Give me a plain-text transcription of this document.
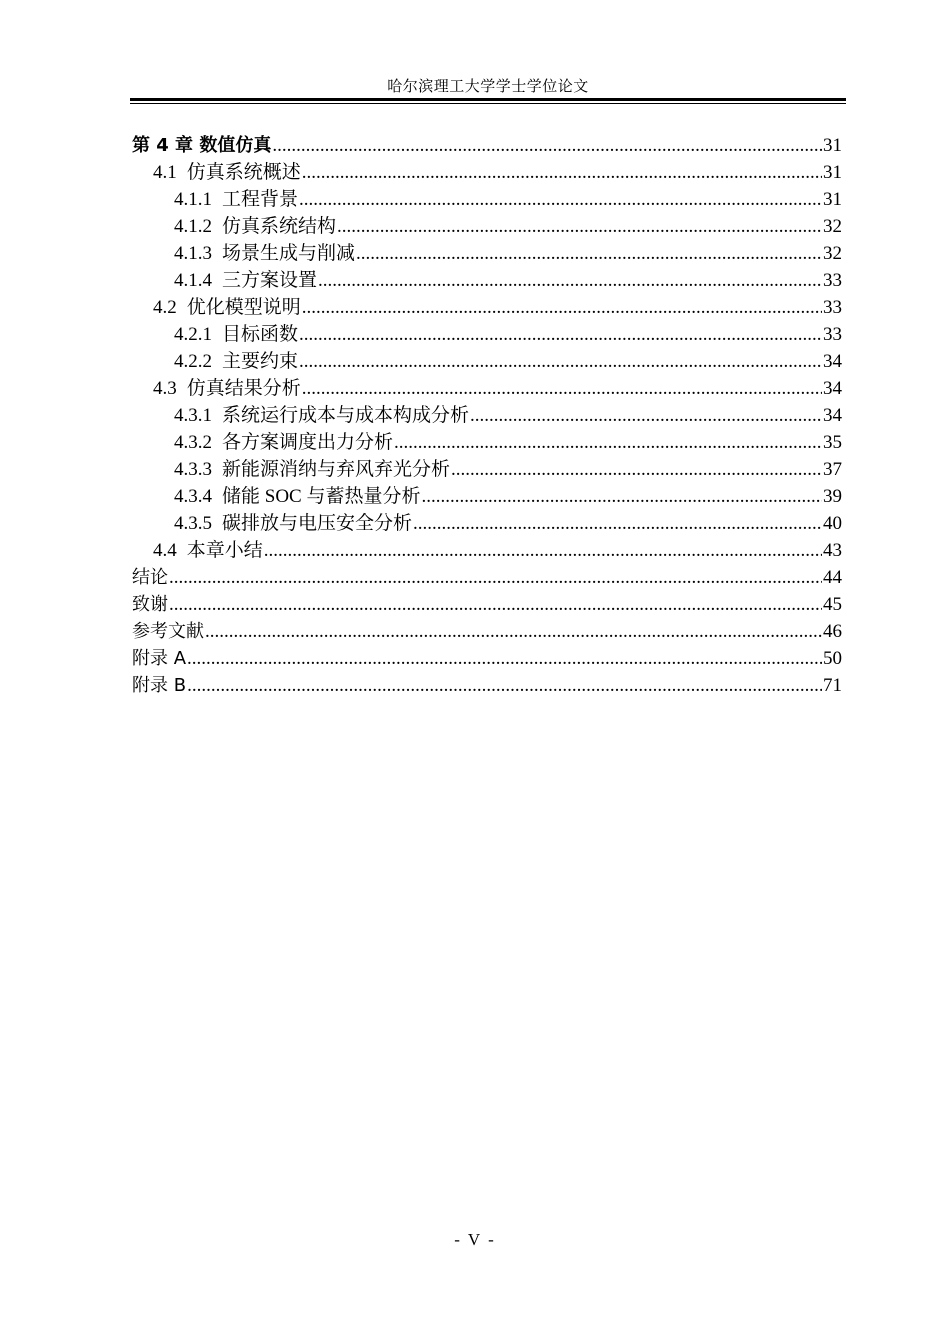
哈尔滨理工大学学士学位论文
第 4 章 数值仿真 .....	31
4.1 仿真系统概述 .....	31
4.1.1 工程背景 .....	31
4.1.2 仿真系统结构 .....	32
4.1.3 场景生成与削减 .....	32
4.1.4 三方案设置 .....	33
4.2 优化模型说明 .....	33
4.2.1 目标函数 .....	33
4.2.2 主要约束 .....	34
4.3 仿真结果分析 .....	34
4.3.1 系统运行成本与成本构成分析 .....	34
4.3.2 各方案调度出力分析 .....	35
4.3.3 新能源消纳与弃风弃光分析 .....	37
4.3.4 储能 SOC 与蓄热量分析 .....	39
4.3.5 碳排放与电压安全分析 .....	40
4.4 本章小结 .....	43
结论 .....	44
致谢 .....	45
参考文献 .....	46
附录 A .....	50
附录 B .....	71
- V -
